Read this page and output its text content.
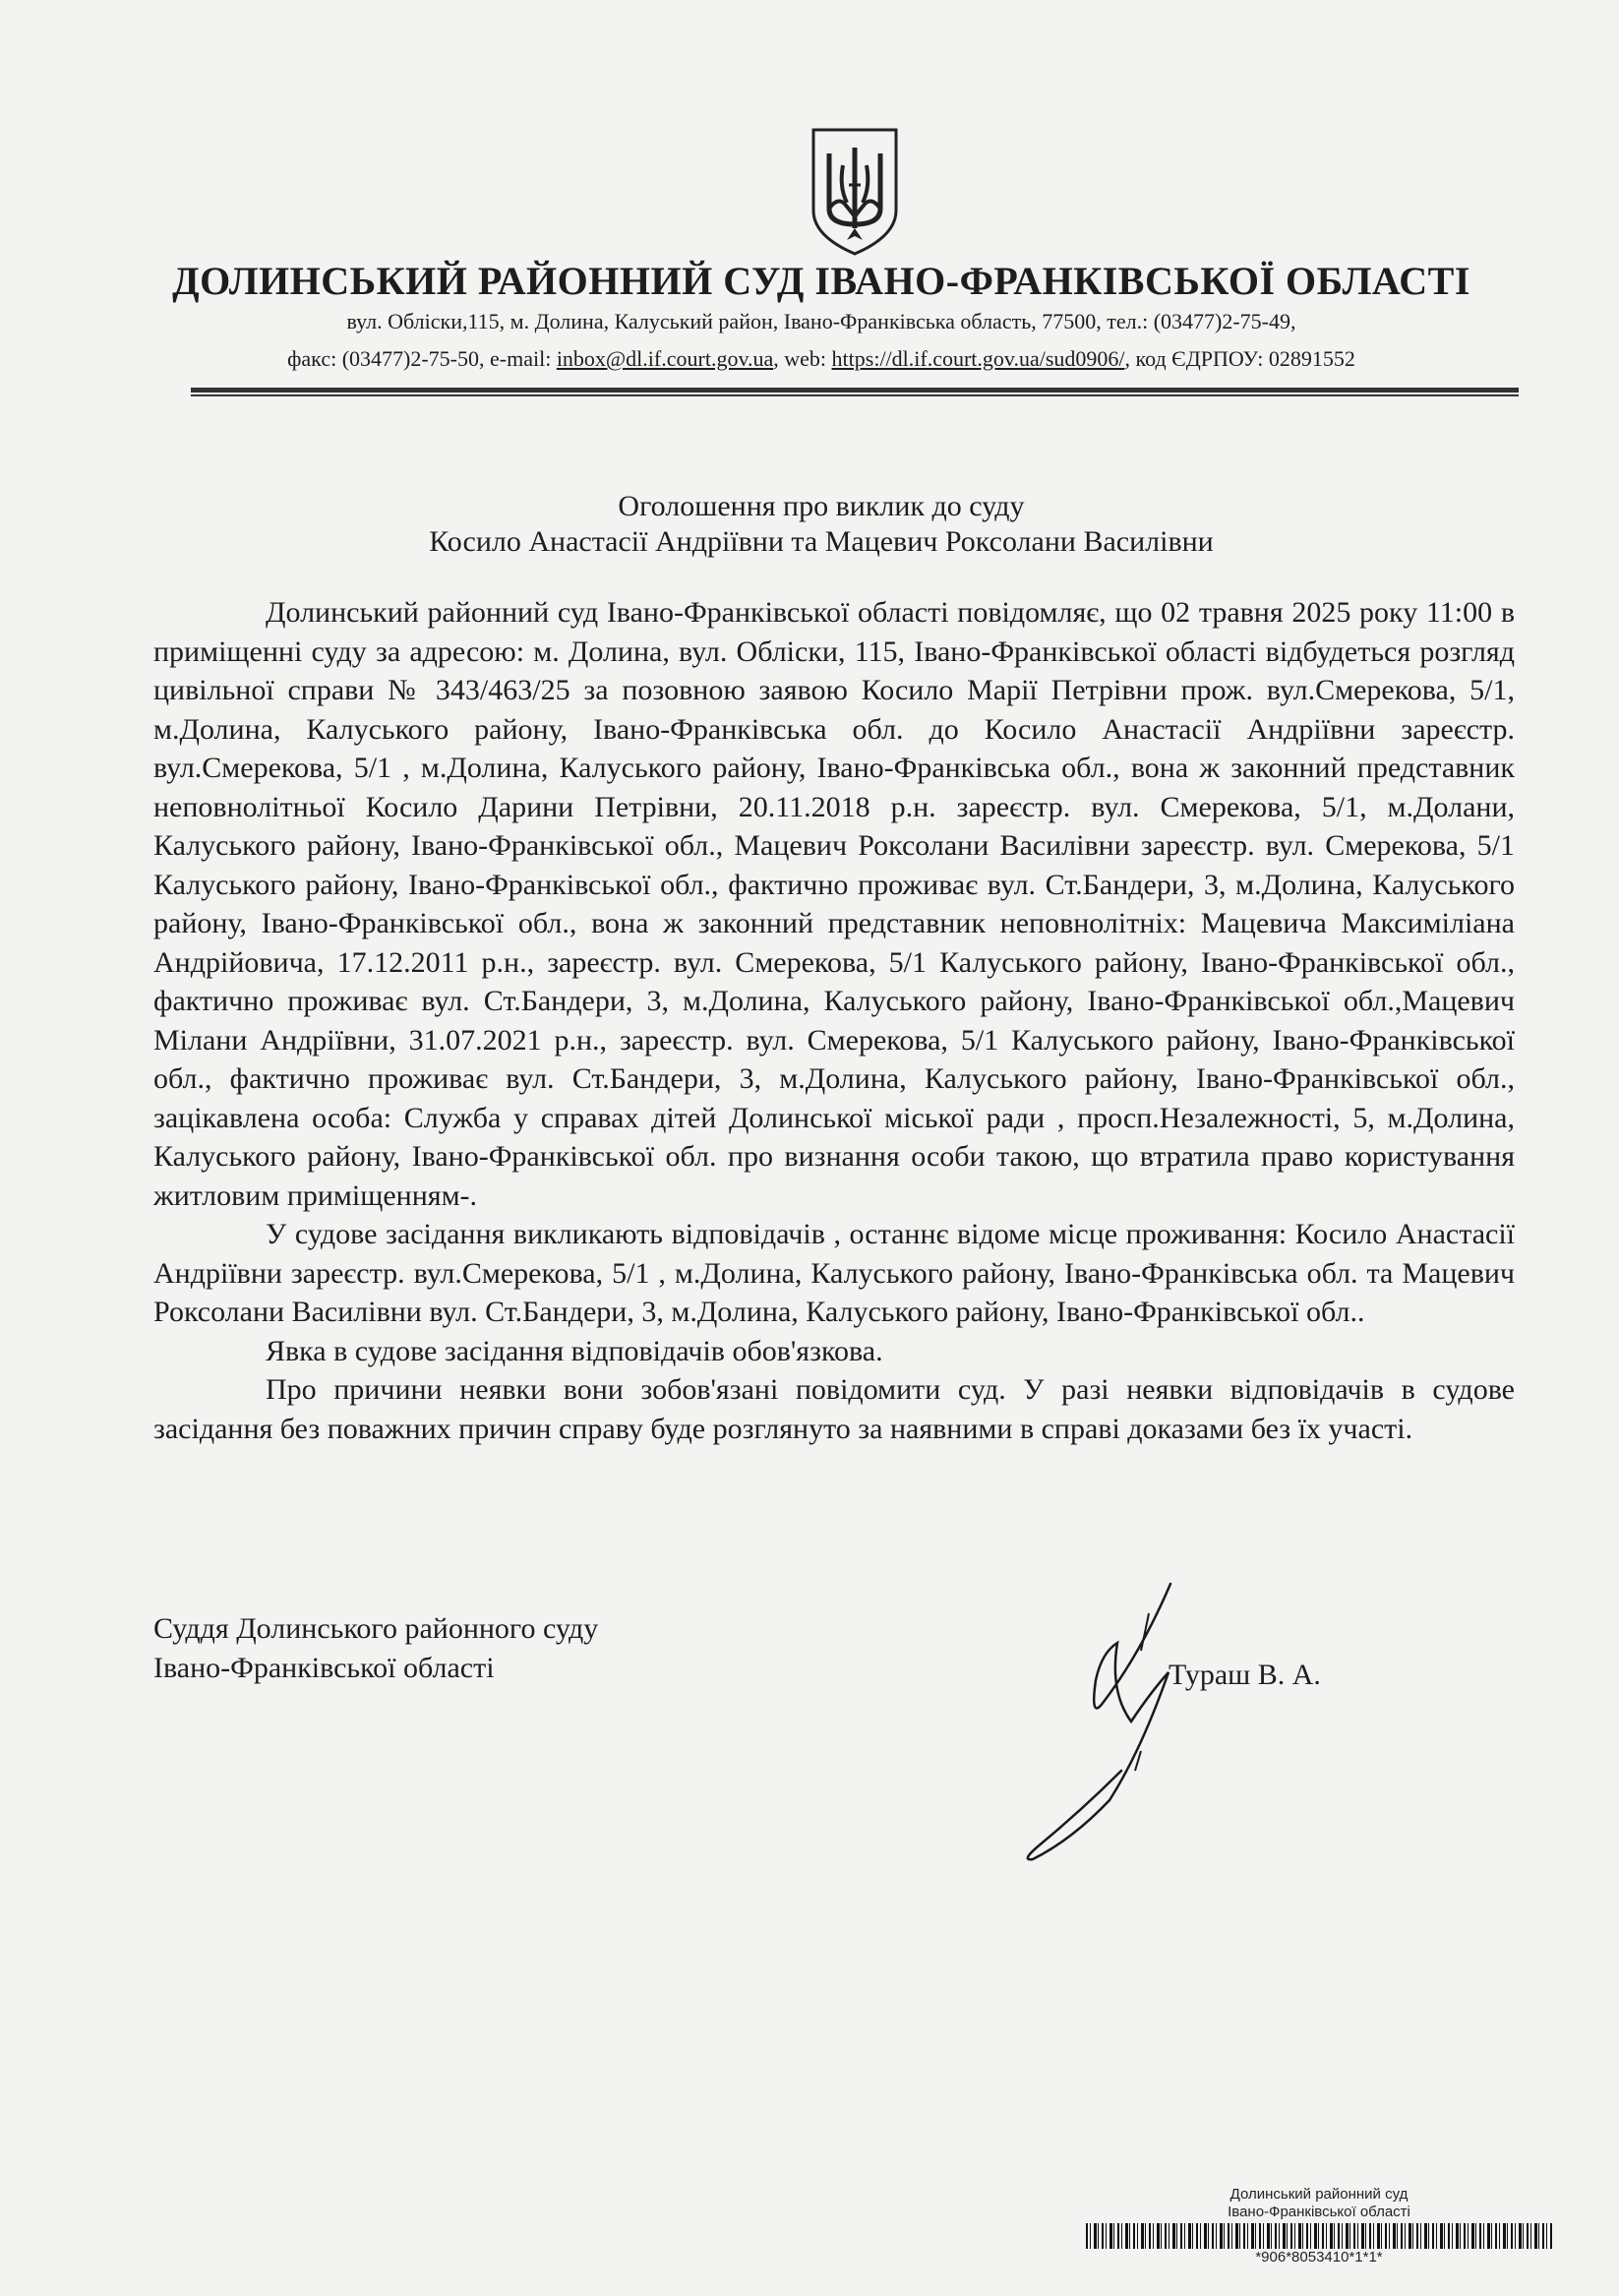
ДОЛИНСЬКИЙ РАЙОННИЙ СУД ІВАНО-ФРАНКІВСЬКОЇ ОБЛАСТІ
вул. Обліски,115, м. Долина, Калуський район, Івано-Франківська область, 77500, тел.: (03477)2-75-49,
факс: (03477)2-75-50, e-mail: inbox@dl.if.court.gov.ua, web: https://dl.if.court.gov.ua/sud0906/, код ЄДРПОУ: 02891552
Оголошення про виклик до суду
Косило Анастасії Андріївни та Мацевич Роксолани Василівни

Долинський районний суд Івано-Франківської області повідомляє, що 02 травня 2025 року 11:00 в приміщенні суду за адресою: м. Долина, вул. Обліски, 115, Івано-Франківської області відбудеться розгляд цивільної справи № 343/463/25 за позовною заявою Косило Марії Петрівни прож. вул.Смерекова, 5/1, м.Долина, Калуського району, Івано-Франківська обл. до Косило Анастасії Андріївни зареєстр. вул.Смерекова, 5/1 , м.Долина, Калуського району, Івано-Франківська обл., вона ж законний представник неповнолітньої Косило Дарини Петрівни, 20.11.2018 р.н. зареєстр. вул. Смерекова, 5/1, м.Долани, Калуського району, Івано-Франківської обл., Мацевич Роксолани Василівни зареєстр. вул. Смерекова, 5/1 Калуського району, Івано-Франківської обл., фактично проживає вул. Ст.Бандери, 3, м.Долина, Калуського району, Івано-Франківської обл., вона ж законний представник неповнолітніх: Мацевича Максиміліана Андрійовича, 17.12.2011 р.н., зареєстр. вул. Смерекова, 5/1 Калуського району, Івано-Франківської обл., фактично проживає вул. Ст.Бандери, 3, м.Долина, Калуського району, Івано-Франківської обл.,Мацевич Мілани Андріївни, 31.07.2021 р.н., зареєстр. вул. Смерекова, 5/1 Калуського району, Івано-Франківської обл., фактично проживає вул. Ст.Бандери, 3, м.Долина, Калуського району, Івано-Франківської обл., зацікавлена особа: Служба у справах дітей Долинської міської ради , просп.Незалежності, 5, м.Долина, Калуського району, Івано-Франківської обл. про визнання особи такою, що втратила право користування житловим приміщенням-.

У судове засідання викликають відповідачів , останнє відоме місце проживання: Косило Анастасії Андріївни зареєстр. вул.Смерекова, 5/1 , м.Долина, Калуського району, Івано-Франківська обл. та Мацевич Роксолани Василівни вул. Ст.Бандери, 3, м.Долина, Калуського району, Івано-Франківської обл..

Явка в судове засідання відповідачів обов'язкова.

Про причини неявки вони зобов'язані повідомити суд. У разі неявки відповідачів в судове засідання без поважних причин справу буде розглянуто за наявними в справі доказами без їх участі.

Суддя Долинського районного суду
Івано-Франківської області	Тураш В. А.
Долинський районний суд
Івано-Франківської області
*906*8053410*1*1*
